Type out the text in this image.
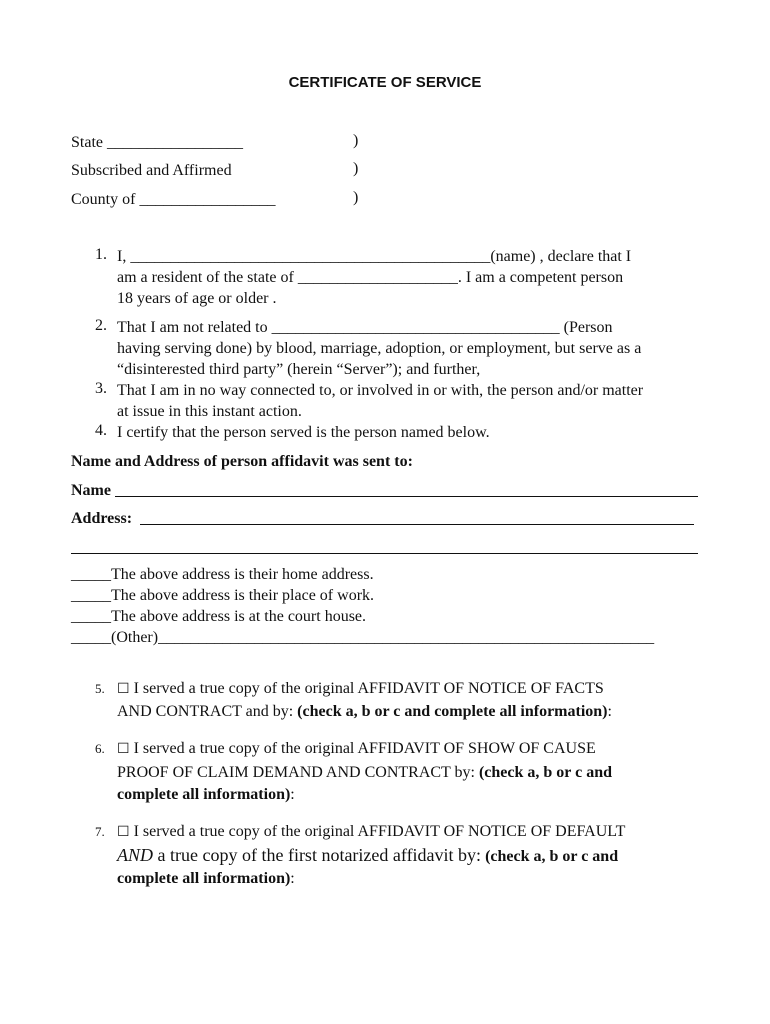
CERTIFICATE OF SERVICE
State _________________	)
Subscribed and Affirmed	)
County of _________________	)
1. I, _____________________________________________(name) , declare that I
am a resident of the state of ____________________. I am a competent person
18 years of age or older .
2. That I am not related to ____________________________________ (Person
having serving done) by blood, marriage, adoption, or employment, but serve as a
“disinterested third party” (herein “Server”); and further,
3. That I am in no way connected to, or involved in or with, the person and/or matter
at issue in this instant action.
4. I certify that the person served is the person named below.
Name and Address of person affidavit was sent to:
Name
Address:
_____The above address is their home address.
_____The above address is their place of work.
_____The above address is at the court house.
_____(Other)______________________________________________________________
5. ☐ I served a true copy of the original AFFIDAVIT OF NOTICE OF FACTS
AND CONTRACT and by: (check a, b or c and complete all information):
6. ☐ I served a true copy of the original AFFIDAVIT OF SHOW OF CAUSE
PROOF OF CLAIM DEMAND AND CONTRACT by: (check a, b or c and
complete all information):
7. ☐ I served a true copy of the original AFFIDAVIT OF NOTICE OF DEFAULT
AND a true copy of the first notarized affidavit by: (check a, b or c and
complete all information):
